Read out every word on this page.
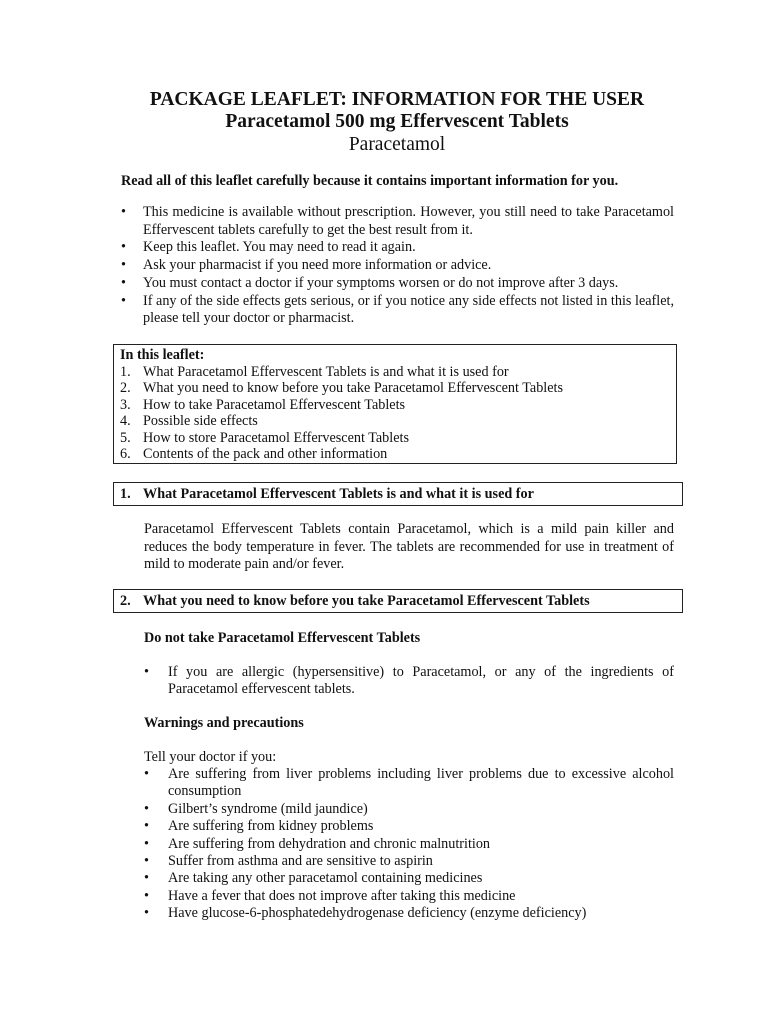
PACKAGE LEAFLET: INFORMATION FOR THE USER
Paracetamol 500 mg Effervescent Tablets
Paracetamol
Read all of this leaflet carefully because it contains important information for you.
• This medicine is available without prescription. However, you still need to take Paracetamol Effervescent tablets carefully to get the best result from it.
• Keep this leaflet. You may need to read it again.
• Ask your pharmacist if you need more information or advice.
• You must contact a doctor if your symptoms worsen or do not improve after 3 days.
• If any of the side effects gets serious, or if you notice any side effects not listed in this leaflet, please tell your doctor or pharmacist.
In this leaflet:
1. What Paracetamol Effervescent Tablets is and what it is used for
2. What you need to know before you take Paracetamol Effervescent Tablets
3. How to take Paracetamol Effervescent Tablets
4. Possible side effects
5. How to store Paracetamol Effervescent Tablets
6. Contents of the pack and other information
1. What Paracetamol Effervescent Tablets is and what it is used for
Paracetamol Effervescent Tablets contain Paracetamol, which is a mild pain killer and reduces the body temperature in fever. The tablets are recommended for use in treatment of mild to moderate pain and/or fever.
2. What you need to know before you take Paracetamol Effervescent Tablets
Do not take Paracetamol Effervescent Tablets
• If you are allergic (hypersensitive) to Paracetamol, or any of the ingredients of Paracetamol effervescent tablets.
Warnings and precautions
Tell your doctor if you:
• Are suffering from liver problems including liver problems due to excessive alcohol consumption
• Gilbert’s syndrome (mild jaundice)
• Are suffering from kidney problems
• Are suffering from dehydration and chronic malnutrition
• Suffer from asthma and are sensitive to aspirin
• Are taking any other paracetamol containing medicines
• Have a fever that does not improve after taking this medicine
• Have glucose-6-phosphatedehydrogenase deficiency (enzyme deficiency)
